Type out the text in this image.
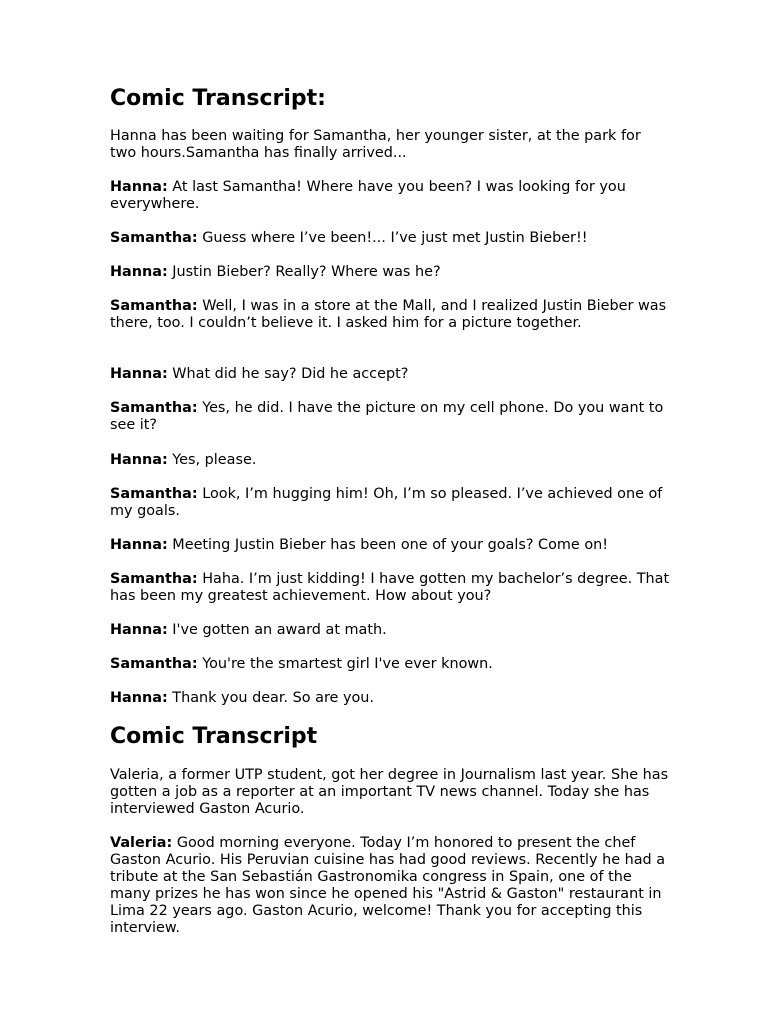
Comic Transcript:

Hanna has been waiting for Samantha, her younger sister, at the park for two hours.Samantha has finally arrived...

Hanna: At last Samantha! Where have you been? I was looking for you everywhere.

Samantha: Guess where I’ve been!... I’ve just met Justin Bieber!!

Hanna: Justin Bieber? Really? Where was he?

Samantha: Well, I was in a store at the Mall, and I realized Justin Bieber was there, too. I couldn’t believe it. I asked him for a picture together.

Hanna: What did he say? Did he accept?

Samantha: Yes, he did. I have the picture on my cell phone. Do you want to see it?

Hanna: Yes, please.

Samantha: Look, I’m hugging him! Oh, I’m so pleased. I’ve achieved one of my goals.

Hanna: Meeting Justin Bieber has been one of your goals? Come on!

Samantha: Haha. I’m just kidding! I have gotten my bachelor’s degree. That has been my greatest achievement. How about you?

Hanna: I've gotten an award at math.

Samantha: You're the smartest girl I've ever known.

Hanna: Thank you dear. So are you.

Comic Transcript

Valeria, a former UTP student, got her degree in Journalism last year. She has gotten a job as a reporter at an important TV news channel. Today she has interviewed Gaston Acurio.

Valeria: Good morning everyone. Today I’m honored to present the chef Gaston Acurio. His Peruvian cuisine has had good reviews. Recently he had a tribute at the San Sebastián Gastronomika congress in Spain, one of the many prizes he has won since he opened his "Astrid & Gaston" restaurant in Lima 22 years ago. Gaston Acurio, welcome! Thank you for accepting this interview.
